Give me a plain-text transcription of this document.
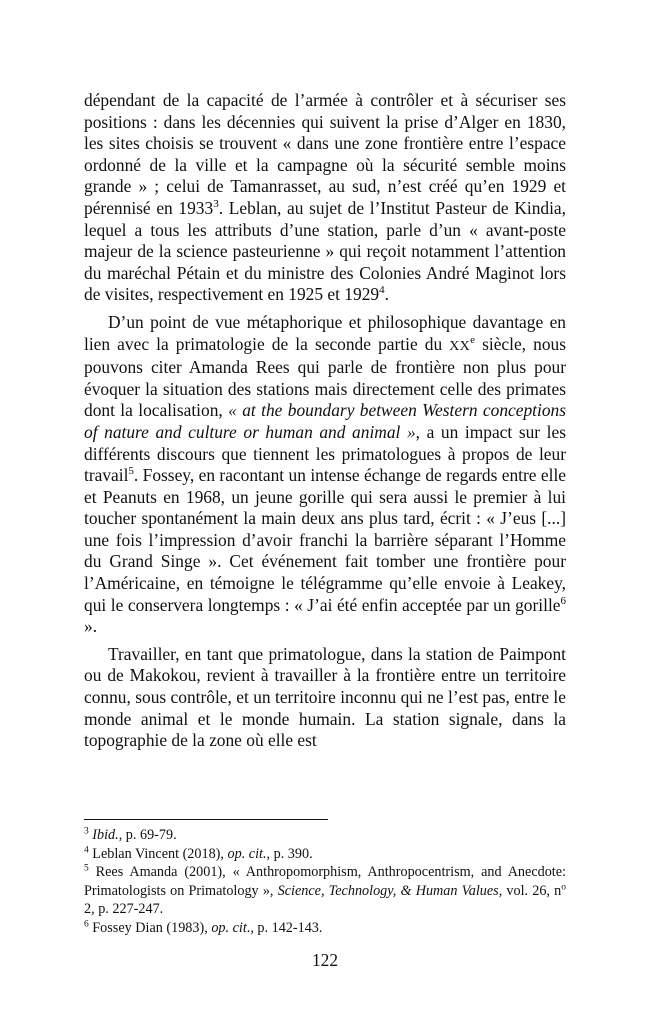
dépendant de la capacité de l’armée à contrôler et à sécuriser ses positions : dans les décennies qui suivent la prise d’Alger en 1830, les sites choisis se trouvent « dans une zone frontière entre l’espace ordonné de la ville et la campagne où la sécurité semble moins grande » ; celui de Tamanrasset, au sud, n’est créé qu’en 1929 et pérennisé en 1933$^3$. Leblan, au sujet de l’Institut Pasteur de Kindia, lequel a tous les attributs d’une station, parle d’un « avant-poste majeur de la science pasteurienne » qui reçoit notamment l’attention du maréchal Pétain et du ministre des Colonies André Maginot lors de visites, respectivement en 1925 et 1929$^4$.

D’un point de vue métaphorique et philosophique davantage en lien avec la primatologie de la seconde partie du XXe siècle, nous pouvons citer Amanda Rees qui parle de frontière non plus pour évoquer la situation des stations mais directement celle des primates dont la localisation, « at the boundary between Western conceptions of nature and culture or human and animal », a un impact sur les différents discours que tiennent les primatologues à propos de leur travail$^5$. Fossey, en racontant un intense échange de regards entre elle et Peanuts en 1968, un jeune gorille qui sera aussi le premier à lui toucher spontanément la main deux ans plus tard, écrit : « J’eus [...] une fois l’impression d’avoir franchi la barrière séparant l’Homme du Grand Singe ». Cet événement fait tomber une frontière pour l’Américaine, en témoigne le télégramme qu’elle envoie à Leakey, qui le conservera longtemps : « J’ai été enfin acceptée par un gorille$^6$ ».

Travailler, en tant que primatologue, dans la station de Paimpont ou de Makokou, revient à travailler à la frontière entre un territoire connu, sous contrôle, et un territoire inconnu qui ne l’est pas, entre le monde animal et le monde humain. La station signale, dans la topographie de la zone où elle est

$^3$ Ibid., p. 69-79.

$^4$ Leblan Vincent (2018), op. cit., p. 390.

$^5$ Rees Amanda (2001), « Anthropomorphism, Anthropocentrism, and Anecdote: Primatologists on Primatology », Science, Technology, & Human Values, vol. 26, $n^o$ 2, p. 227-247.

$^6$ Fossey Dian (1983), op. cit., p. 142-143.

122
